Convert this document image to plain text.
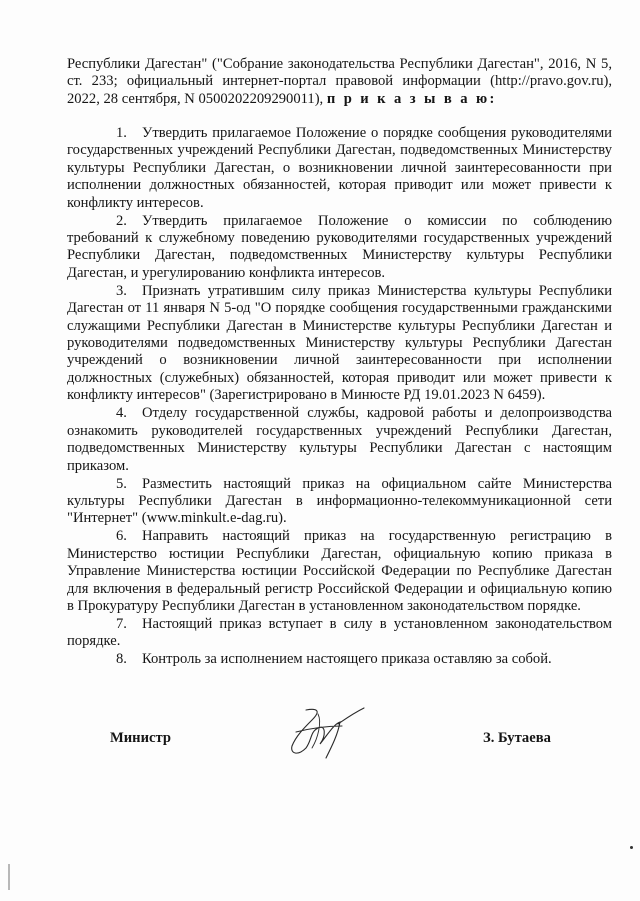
Республики Дагестан" ("Собрание законодательства Республики Дагестан", 2016, N 5, ст. 233; официальный интернет-портал правовой информации (http://pravo.gov.ru), 2022, 28 сентября, N 0500202209290011), п р и к а з ы в а ю:
1. Утвердить прилагаемое Положение о порядке сообщения руководителями государственных учреждений Республики Дагестан, подведомственных Министерству культуры Республики Дагестан, о возникновении личной заинтересованности при исполнении должностных обязанностей, которая приводит или может привести к конфликту интересов.
2. Утвердить прилагаемое Положение о комиссии по соблюдению требований к служебному поведению руководителями государственных учреждений Республики Дагестан, подведомственных Министерству культуры Республики Дагестан, и урегулированию конфликта интересов.
3. Признать утратившим силу приказ Министерства культуры Республики Дагестан от 11 января N 5-од "О порядке сообщения государственными гражданскими служащими Республики Дагестан в Министерстве культуры Республики Дагестан и руководителями подведомственных Министерству культуры Республики Дагестан учреждений о возникновении личной заинтересованности при исполнении должностных (служебных) обязанностей, которая приводит или может привести к конфликту интересов" (Зарегистрировано в Минюсте РД 19.01.2023 N 6459).
4. Отделу государственной службы, кадровой работы и делопроизводства ознакомить руководителей государственных учреждений Республики Дагестан, подведомственных Министерству культуры Республики Дагестан с настоящим приказом.
5. Разместить настоящий приказ на официальном сайте Министерства культуры Республики Дагестан в информационно-телекоммуникационной сети "Интернет" (www.minkult.e-dag.ru).
6. Направить настоящий приказ на государственную регистрацию в Министерство юстиции Республики Дагестан, официальную копию приказа в Управление Министерства юстиции Российской Федерации по Республике Дагестан для включения в федеральный регистр Российской Федерации и официальную копию в Прокуратуру Республики Дагестан в установленном законодательством порядке.
7. Настоящий приказ вступает в силу в установленном законодательством порядке.
8. Контроль за исполнением настоящего приказа оставляю за собой.
Министр	З. Бутаева
